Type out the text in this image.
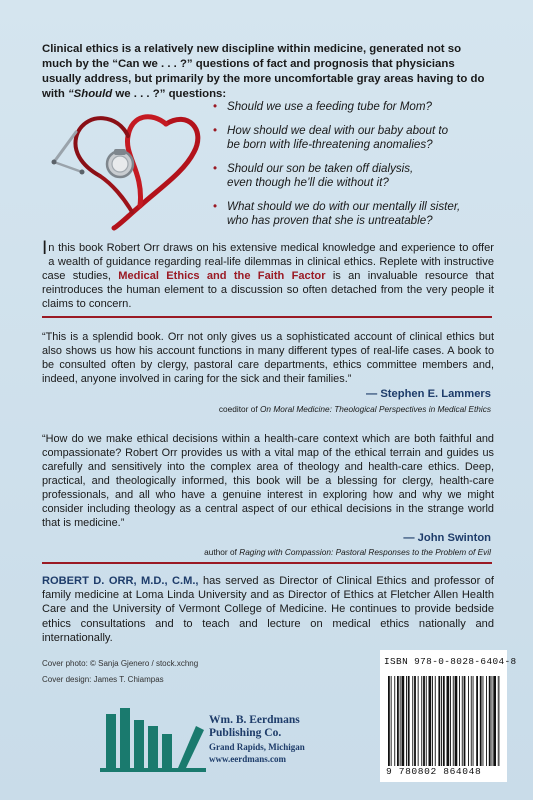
Clinical ethics is a relatively new discipline within medicine, generated not so much by the “Can we . . . ?” questions of fact and prognosis that physicians usually address, but primarily by the more uncomfortable gray areas having to do with “Should we . . . ?” questions:
• Should we use a feeding tube for Mom?
• How should we deal with our baby about to
be born with life-threatening anomalies?
• Should our son be taken off dialysis,
even though he’ll die without it?
• What should we do with our mentally ill sister,
who has proven that she is untreatable?
In this book Robert Orr draws on his extensive medical knowledge and experience to offer a wealth of guidance regarding real-life dilemmas in clinical ethics. Replete with instructive case studies, Medical Ethics and the Faith Factor is an invaluable resource that reintroduces the human element to a discussion so often detached from the very people it claims to concern.
“This is a splendid book. Orr not only gives us a sophisticated account of clinical ethics but also shows us how his account functions in many different types of real-life cases. A book to be consulted often by clergy, pastoral care departments, ethics committee members and, indeed, anyone involved in caring for the sick and their families.”
— Stephen E. Lammers
coeditor of On Moral Medicine: Theological Perspectives in Medical Ethics
“How do we make ethical decisions within a health-care context which are both faithful and compassionate? Robert Orr provides us with a vital map of the ethical terrain and guides us carefully and sensitively into the complex area of theology and health-care ethics. Deep, practical, and theologically informed, this book will be a blessing for clergy, health-care professionals, and all who have a genuine interest in exploring how and why we might consider including theology as a central aspect of our ethical decisions in the strange world that is medicine.”
— John Swinton
author of Raging with Compassion: Pastoral Responses to the Problem of Evil
ROBERT D. ORR, M.D., C.M., has served as Director of Clinical Ethics and professor of family medicine at Loma Linda University and as Director of Ethics at Fletcher Allen Health Care and the University of Vermont College of Medicine. He continues to provide bedside ethics consultations and to teach and lecture on medical ethics nationally and internationally.
Cover photo: © Sanja Gjenero / stock.xchng
Cover design: James T. Chiampas
Wm. B. Eerdmans
Publishing Co.
Grand Rapids, Michigan
www.eerdmans.com
ISBN 978-0-8028-6404-8
9 780802 864048
